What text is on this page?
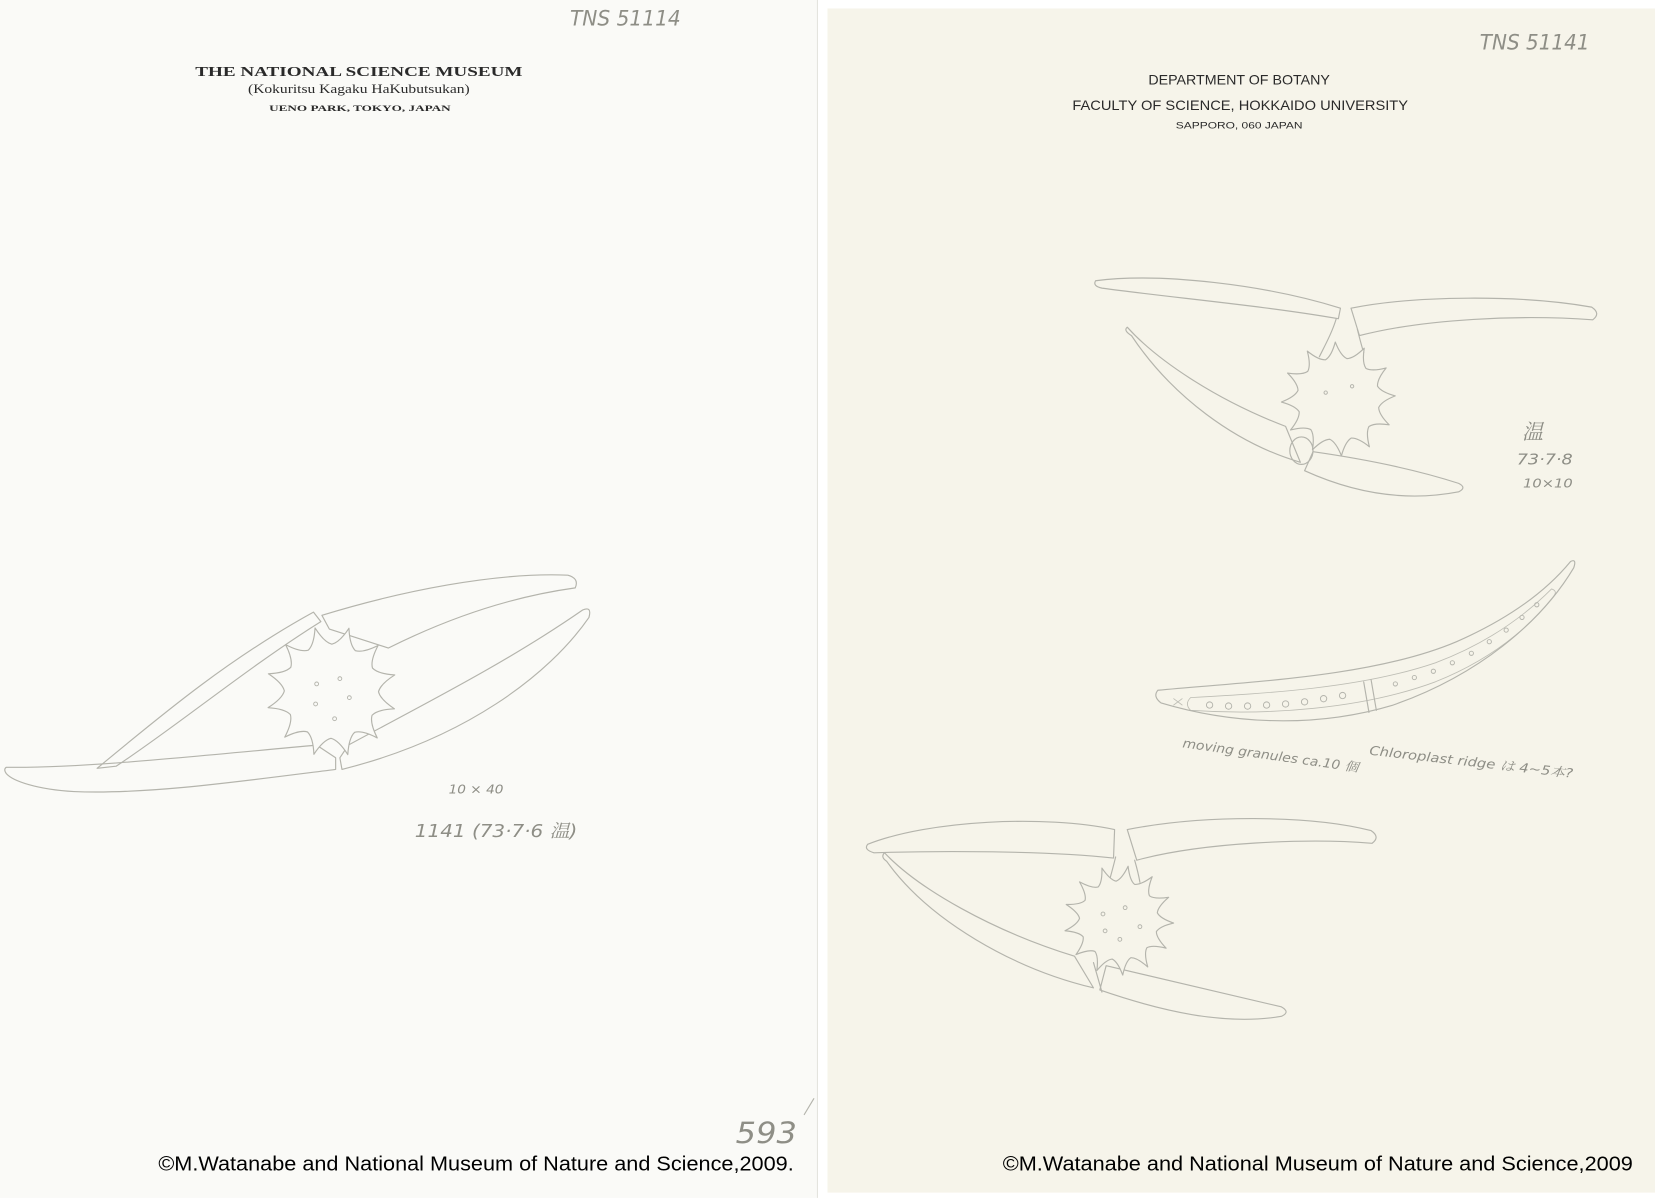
TNS 51114
THE NATIONAL SCIENCE MUSEUM
(Kokuritsu Kagaku HaKubutsukan)
UENO PARK, TOKYO, JAPAN
10 × 40
1141 (73·7·6 温)
593
©M.Watanabe and National Museum of Nature and Science,2009.
TNS 51141
DEPARTMENT OF BOTANY
FACULTY OF SCIENCE, HOKKAIDO UNIVERSITY
SAPPORO, 060 JAPAN
温
73·7·8
10×10
moving granules ca.10 個	Chloroplast ridge は 4~5本?
©M.Watanabe and National Museum of Nature and Science,2009
